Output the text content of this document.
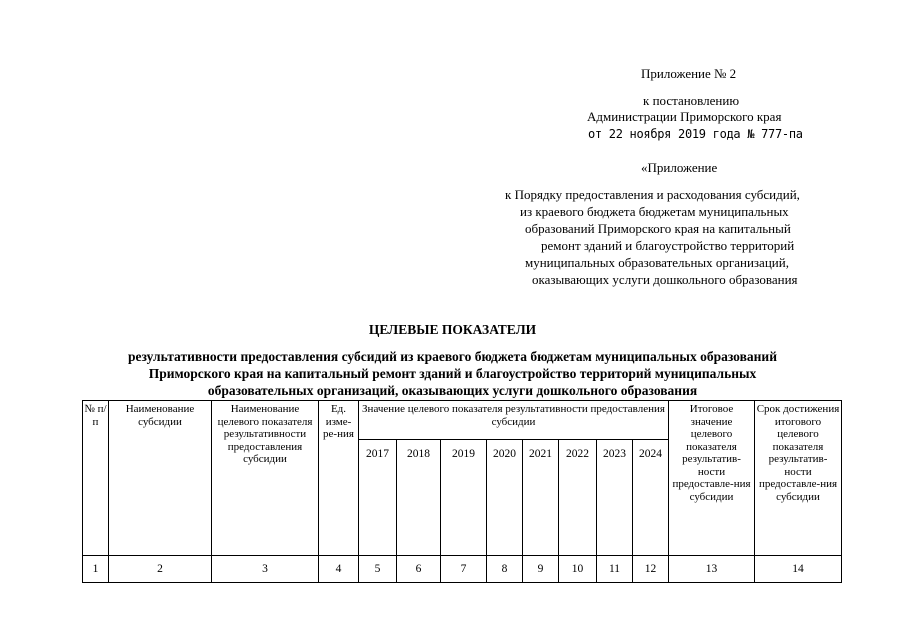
Приложение № 2
к постановлению
Администрации Приморского края
от 22 ноября 2019 года № 777-па
«Приложение
к Порядку предоставления и расходования субсидий,
из краевого бюджета бюджетам муниципальных
образований Приморского края на капитальный
ремонт зданий и благоустройство территорий
муниципальных образовательных организаций,
оказывающих услуги дошкольного образования
ЦЕЛЕВЫЕ ПОКАЗАТЕЛИ
результативности предоставления субсидий из краевого бюджета бюджетам муниципальных образований
Приморского края на капитальный ремонт зданий и благоустройство территорий муниципальных
образовательных организаций, оказывающих услуги дошкольного образования
№ п/п	Наименование субсидии	Наименование целевого показателя результативности предоставления субсидии	Ед. изме-ре-ния	Значение целевого показателя результативности предоставления субсидии								Итоговое значение целевого показателя результатив-ности предоставле-ния субсидии	Срок достижения итогового целевого показателя результатив-ности предоставле-ния субсидии
				2017	2018	2019	2020	2021	2022	2023	2024		
1	2	3	4	5	6	7	8	9	10	11	12	13	14
